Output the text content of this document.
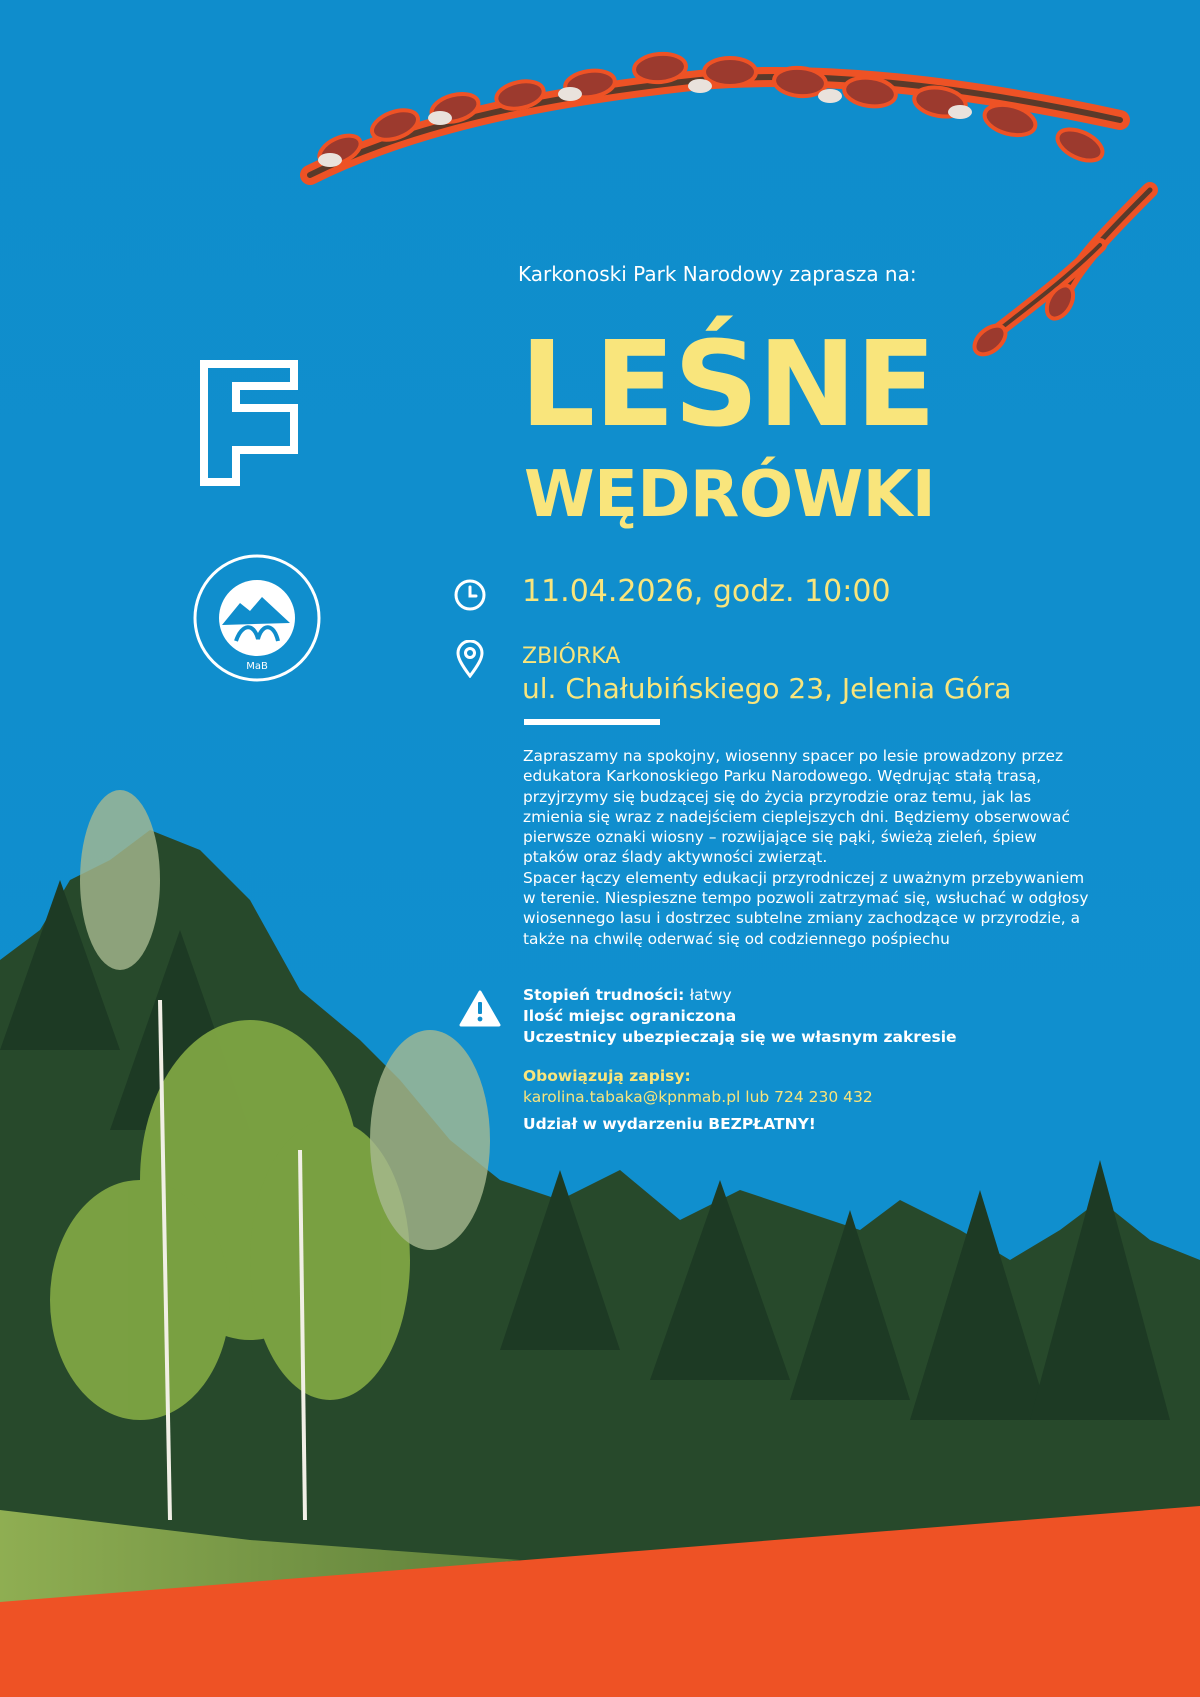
MaB
Karkonoski Park Narodowy zaprasza na:
LEŚNE
WĘDRÓWKI
11.04.2026, godz. 10:00
ZBIÓRKA
ul. Chałubińskiego 23, Jelenia Góra

Zapraszamy na spokojny, wiosenny spacer po lesie prowadzony przez edukatora Karkonoskiego Parku Narodowego. Wędrując stałą trasą, przyjrzymy się budzącej się do życia przyrodzie oraz temu, jak las zmienia się wraz z nadejściem cieplejszych dni. Będziemy obserwować pierwsze oznaki wiosny – rozwijające się pąki, świeżą zieleń, śpiew ptaków oraz ślady aktywności zwierząt.

Spacer łączy elementy edukacji przyrodniczej z uważnym przebywaniem w terenie. Niespieszne tempo pozwoli zatrzymać się, wsłuchać w odgłosy wiosennego lasu i dostrzec subtelne zmiany zachodzące w przyrodzie, a także na chwilę oderwać się od codziennego pośpiechu

Stopień trudności: łatwy
Ilość miejsc ograniczona
Uczestnicy ubezpieczają się we własnym zakresie
Obowiązują zapisy:
karolina.tabaka@kpnmab.pl lub 724 230 432
Udział w wydarzeniu BEZPŁATNY!
